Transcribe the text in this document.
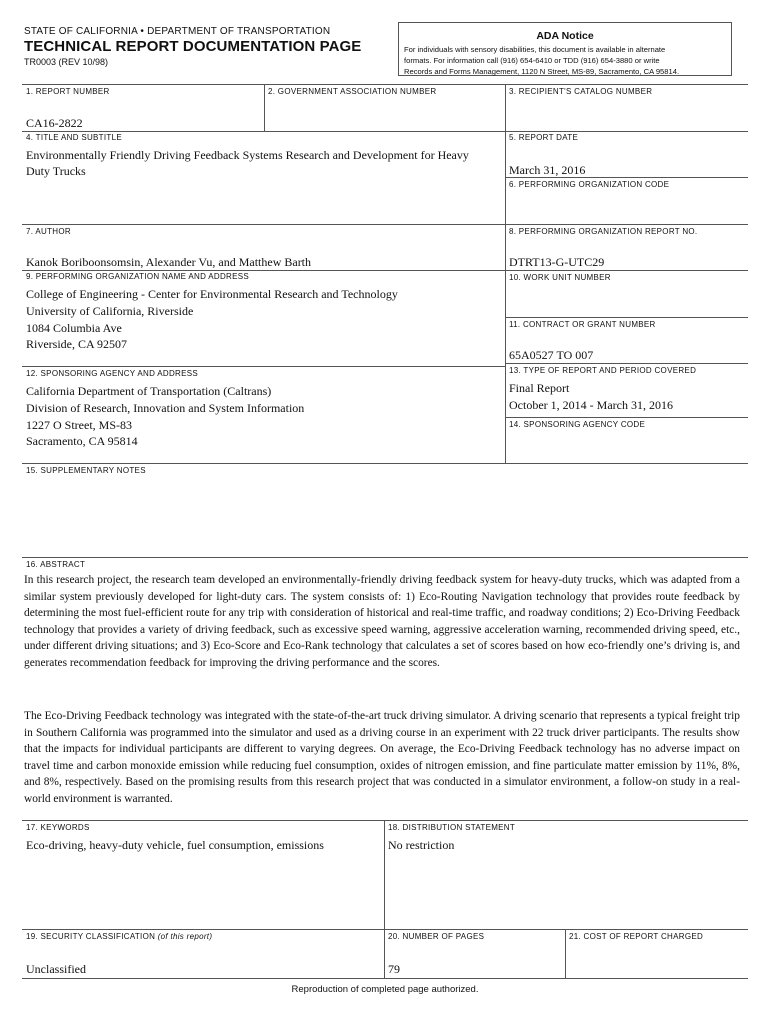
STATE OF CALIFORNIA • DEPARTMENT OF TRANSPORTATION
TECHNICAL REPORT DOCUMENTATION PAGE
TR0003 (REV 10/98)
ADA Notice
For individuals with sensory disabilities, this document is available in alternate
formats. For information call (916) 654-6410 or TDD (916) 654-3880 or write
Records and Forms Management, 1120 N Street, MS-89, Sacramento, CA 95814.
1. REPORT NUMBER
CA16-2822
2. GOVERNMENT ASSOCIATION NUMBER	3. RECIPIENT'S CATALOG NUMBER
4. TITLE AND SUBTITLE
Environmentally Friendly Driving Feedback Systems Research and Development for Heavy
Duty Trucks
5. REPORT DATE
March 31, 2016
6. PERFORMING ORGANIZATION CODE
7. AUTHOR
Kanok Boriboonsomsin, Alexander Vu, and Matthew Barth
8. PERFORMING ORGANIZATION REPORT NO.
DTRT13-G-UTC29
9. PERFORMING ORGANIZATION NAME AND ADDRESS
College of Engineering - Center for Environmental Research and Technology
University of California, Riverside
1084 Columbia Ave
Riverside, CA 92507
10. WORK UNIT NUMBER
11. CONTRACT OR GRANT NUMBER
65A0527 TO 007
12. SPONSORING AGENCY AND ADDRESS
California Department of Transportation (Caltrans)
Division of Research, Innovation and System Information
1227 O Street, MS-83
Sacramento, CA 95814
13. TYPE OF REPORT AND PERIOD COVERED
Final Report
October 1, 2014 - March 31, 2016
14. SPONSORING AGENCY CODE
15. SUPPLEMENTARY NOTES
16. ABSTRACT
In this research project, the research team developed an environmentally-friendly driving feedback system for heavy-duty trucks, which was adapted from a similar system previously developed for light-duty cars. The system consists of: 1) Eco-Routing Navigation technology that provides route feedback by determining the most fuel-efficient route for any trip with consideration of historical and real-time traffic, and roadway conditions; 2) Eco-Driving Feedback technology that provides a variety of driving feedback, such as excessive speed warning, aggressive acceleration warning, recommended driving speed, etc., under different driving situations; and 3) Eco-Score and Eco-Rank technology that calculates a set of scores based on how eco-friendly one’s driving is, and generates recommendation feedback for improving the driving performance and the scores.
The Eco-Driving Feedback technology was integrated with the state-of-the-art truck driving simulator. A driving scenario that represents a typical freight trip in Southern California was programmed into the simulator and used as a driving course in an experiment with 22 truck driver participants. The results show that the impacts for individual participants are different to varying degrees. On average, the Eco-Driving Feedback technology has no adverse impact on travel time and carbon monoxide emission while reducing fuel consumption, oxides of nitrogen emission, and fine particulate matter emission by 11%, 8%, and 8%, respectively. Based on the promising results from this research project that was conducted in a simulator environment, a follow-on study in a real-world environment is warranted.
17. KEYWORDS
Eco-driving, heavy-duty vehicle, fuel consumption, emissions
18. DISTRIBUTION STATEMENT
No restriction
19. SECURITY CLASSIFICATION (of this report)
Unclassified
20. NUMBER OF PAGES
79
21. COST OF REPORT CHARGED
Reproduction of completed page authorized.
